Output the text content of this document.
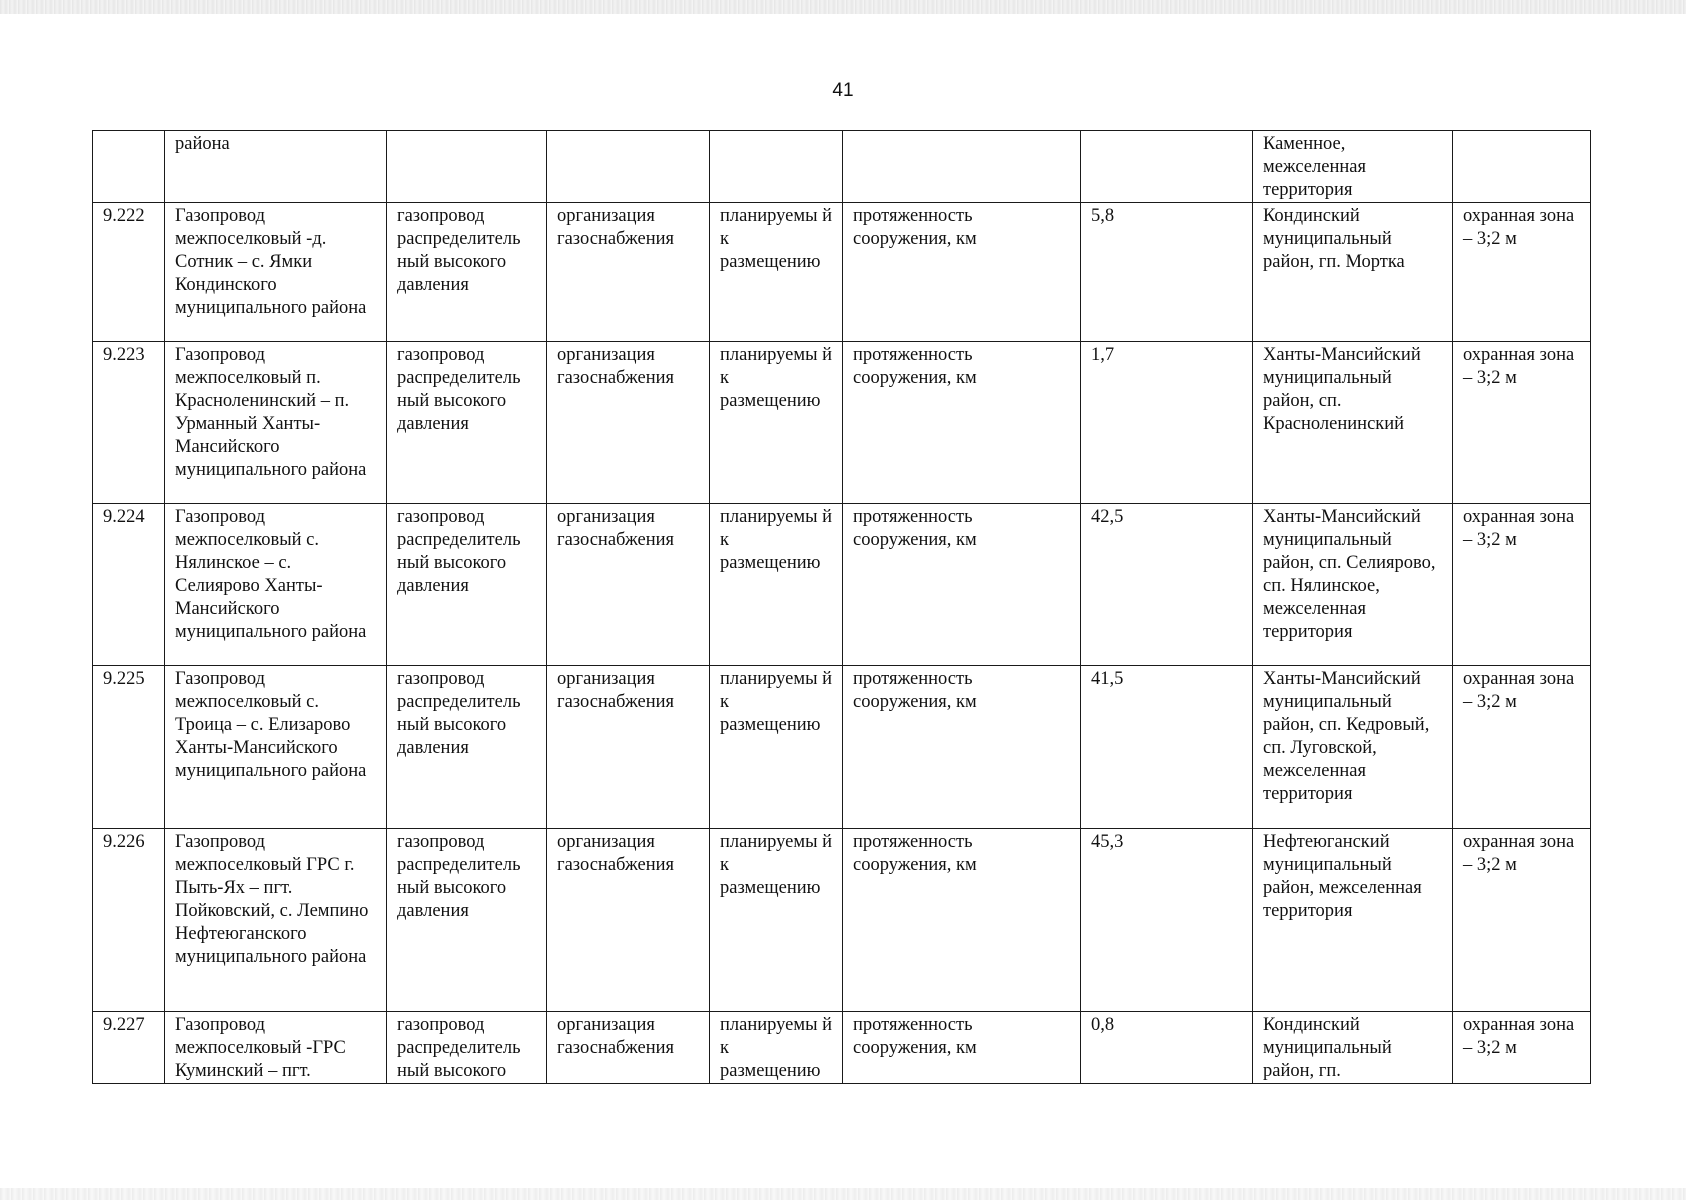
41
	района						Каменное, межселенная территория	
9.222	Газопровод межпоселковый -д. Сотник – с. Ямки Кондинского муниципального района	газопровод распределитель ный высокого давления	организация газоснабжения	планируемы й к размещению	протяженность сооружения, км	5,8	Кондинский муниципальный район, гп. Мортка	охранная зона – 3;2 м
9.223	Газопровод межпоселковый п. Красноленинский – п. Урманный Ханты-Мансийского муниципального района	газопровод распределитель ный высокого давления	организация газоснабжения	планируемы й к размещению	протяженность сооружения, км	1,7	Ханты-Мансийский муниципальный район, сп. Красноленинский	охранная зона – 3;2 м
9.224	Газопровод межпоселковый с. Нялинское – с. Селиярово Ханты-Мансийского муниципального района	газопровод распределитель ный высокого давления	организация газоснабжения	планируемы й к размещению	протяженность сооружения, км	42,5	Ханты-Мансийский муниципальный район, сп. Селиярово, сп. Нялинское, межселенная территория	охранная зона – 3;2 м
9.225	Газопровод межпоселковый с. Троица – с. Елизарово Ханты-Мансийского муниципального района	газопровод распределитель ный высокого давления	организация газоснабжения	планируемы й к размещению	протяженность сооружения, км	41,5	Ханты-Мансийский муниципальный район, сп. Кедровый, сп. Луговской, межселенная территория	охранная зона – 3;2 м
9.226	Газопровод межпоселковый ГРС г. Пыть-Ях – пгт. Пойковский, с. Лемпино Нефтеюганского муниципального района	газопровод распределитель ный высокого давления	организация газоснабжения	планируемы й к размещению	протяженность сооружения, км	45,3	Нефтеюганский муниципальный район, межселенная территория	охранная зона – 3;2 м
9.227	Газопровод межпоселковый -ГРС Куминский – пгт.	газопровод распределитель ный высокого	организация газоснабжения	планируемы й к размещению	протяженность сооружения, км	0,8	Кондинский муниципальный район, гп.	охранная зона – 3;2 м
